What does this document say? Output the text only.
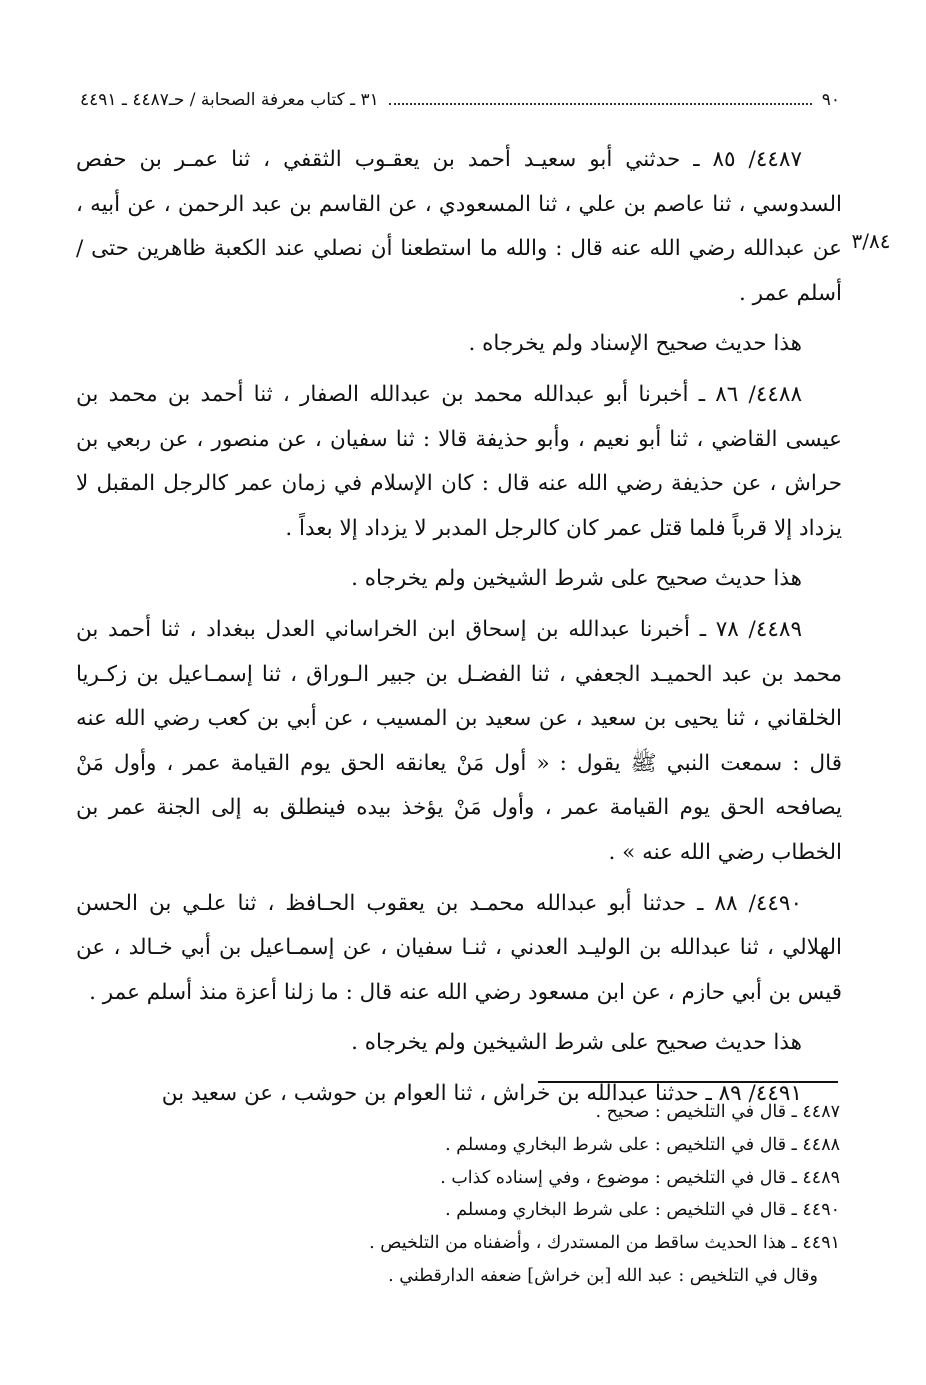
٩٠
٣١ ـ كتاب معرفة الصحابة / حـ٤٤٨٧ ـ ٤٤٩١
٣/٨٤

٤٤٨٧/ ٨٥ ـ حدثني أبو سعيـد أحمد بن يعقـوب الثقفي ، ثنا عمـر بن حفص السدوسي ، ثنا عاصم بن علي ، ثنا المسعودي ، عن القاسم بن عبد الرحمن ، عن أبيه ، عن عبدالله رضي الله عنه قال : والله ما استطعنا أن نصلي عند الكعبة ظاهرين حتى / أسلم عمر .

هذا حديث صحيح الإسناد ولم يخرجاه .

٤٤٨٨/ ٨٦ ـ أخبرنا أبو عبدالله محمد بن عبدالله الصفار ، ثنا أحمد بن محمد بن عيسى القاضي ، ثنا أبو نعيم ، وأبو حذيفة قالا : ثنا سفيان ، عن منصور ، عن ربعي بن حراش ، عن حذيفة رضي الله عنه قال : كان الإسلام في زمان عمر كالرجل المقبل لا يزداد إلا قرباً فلما قتل عمر كان كالرجل المدبر لا يزداد إلا بعداً .

هذا حديث صحيح على شرط الشيخين ولم يخرجاه .

٤٤٨٩/ ٧٨ ـ أخبرنا عبدالله بن إسحاق ابن الخراساني العدل ببغداد ، ثنا أحمد بن محمد بن عبد الحميـد الجعفي ، ثنا الفضـل بن جبير الـوراق ، ثنا إسمـاعيل بن زكـريا الخلقاني ، ثنا يحيى بن سعيد ، عن سعيد بن المسيب ، عن أبي بن كعب رضي الله عنه قال : سمعت النبي ﷺ يقول : « أول مَنْ يعانقه الحق يوم القيامة عمر ، وأول مَنْ يصافحه الحق يوم القيامة عمر ، وأول مَنْ يؤخذ بيده فينطلق به إلى الجنة عمر بن الخطاب رضي الله عنه » .

٤٤٩٠/ ٨٨ ـ حدثنا أبو عبدالله محمـد بن يعقوب الحـافظ ، ثنا علـي بن الحسن الهلالي ، ثنا عبدالله بن الوليـد العدني ، ثنـا سفيان ، عن إسمـاعيل بن أبي خـالد ، عن قيس بن أبي حازم ، عن ابن مسعود رضي الله عنه قال : ما زلنا أعزة منذ أسلم عمر .

هذا حديث صحيح على شرط الشيخين ولم يخرجاه .

٤٤٩١/ ٨٩ ـ حدثنا عبدالله بن خراش ، ثنا العوام بن حوشب ، عن سعيد بن

٤٤٨٧ ـ قال في التلخيص : صحيح .
٤٤٨٨ ـ قال في التلخيص : على شرط البخاري ومسلم .
٤٤٨٩ ـ قال في التلخيص : موضوع ، وفي إسناده كذاب .
٤٤٩٠ ـ قال في التلخيص : على شرط البخاري ومسلم .
٤٤٩١ ـ هذا الحديث ساقط من المستدرك ، وأضفناه من التلخيص .
وقال في التلخيص : عبد الله [بن خراش] ضعفه الدارقطني .
